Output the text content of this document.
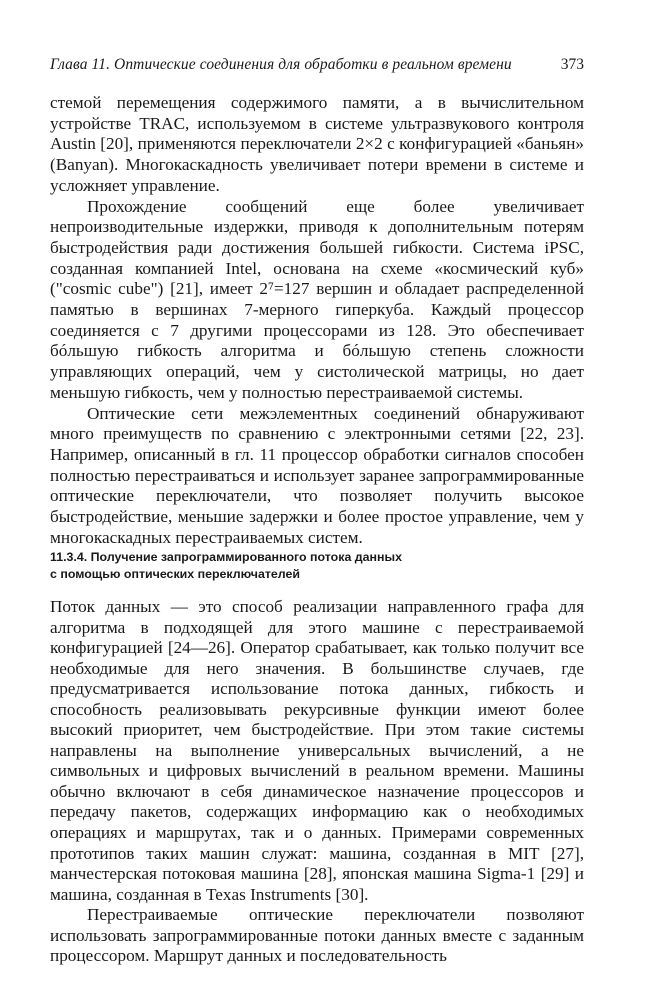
Глава 11. Оптические соединения для обработки в реальном времени	373

стемой перемещения содержимого памяти, а в вычислительном устройстве TRAC, используемом в системе ультразвукового контроля Austin [20], применяются переключатели 2×2 с конфигурацией «баньян» (Banyan). Многокаскадность увеличивает потери времени в системе и усложняет управление.

Прохождение сообщений еще более увеличивает непроизводительные издержки, приводя к дополнительным потерям быстродействия ради достижения большей гибкости. Система iPSC, созданная компанией Intel, основана на схеме «космический куб» ("cosmic cube") [21], имеет 2⁷=127 вершин и обладает распределенной памятью в вершинах 7-мерного гиперкуба. Каждый процессор соединяется с 7 другими процессорами из 128. Это обеспечивает бóльшую гибкость алгоритма и бóльшую степень сложности управляющих операций, чем у систолической матрицы, но дает меньшую гибкость, чем у полностью перестраиваемой системы.

Оптические сети межэлементных соединений обнаруживают много преимуществ по сравнению с электронными сетями [22, 23]. Например, описанный в гл. 11 процессор обработки сигналов способен полностью перестраиваться и использует заранее запрограммированные оптические переключатели, что позволяет получить высокое быстродействие, меньшие задержки и более простое управление, чем у многокаскадных перестраиваемых систем.

11.3.4. Получение запрограммированного потока данных
с помощью оптических переключателей

Поток данных — это способ реализации направленного графа для алгоритма в подходящей для этого машине с перестраиваемой конфигурацией [24—26]. Оператор срабатывает, как только получит все необходимые для него значения. В большинстве случаев, где предусматривается использование потока данных, гибкость и способность реализовывать рекурсивные функции имеют более высокий приоритет, чем быстродействие. При этом такие системы направлены на выполнение универсальных вычислений, а не символьных и цифровых вычислений в реальном времени. Машины обычно включают в себя динамическое назначение процессоров и передачу пакетов, содержащих информацию как о необходимых операциях и маршрутах, так и о данных. Примерами современных прототипов таких машин служат: машина, созданная в MIT [27], манчестерская потоковая машина [28], японская машина Sigma-1 [29] и машина, созданная в Texas Instruments [30].

Перестраиваемые оптические переключатели позволяют использовать запрограммированные потоки данных вместе с заданным процессором. Маршрут данных и последовательность
